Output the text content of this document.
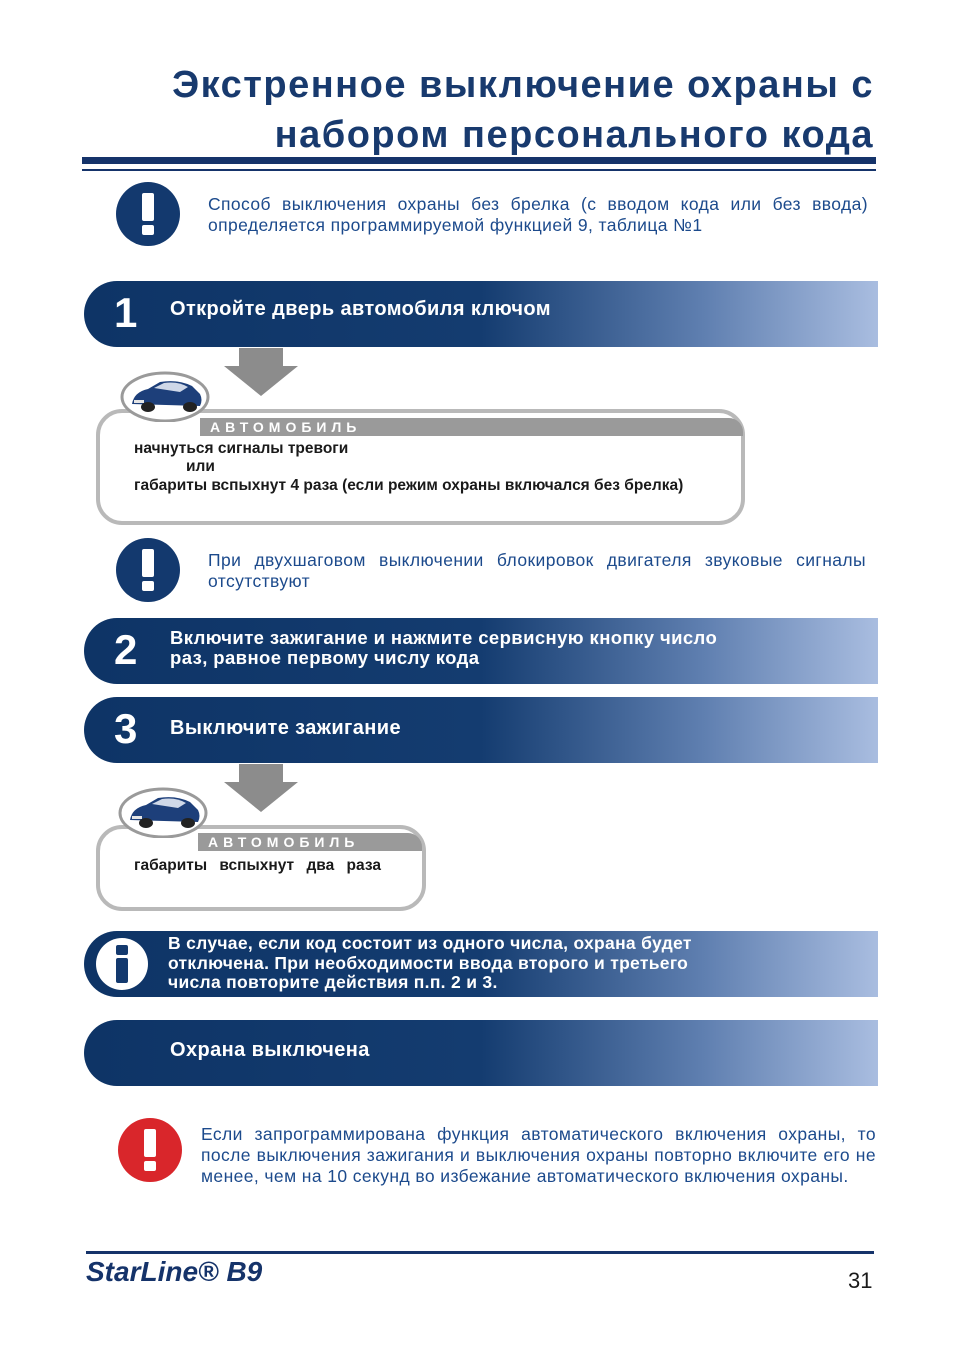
Экстренное выключение охраны с
набором персонального кода
Способ выключения охраны без брелка (с вводом кода или без ввода) определяется программируемой функцией 9, таблица №1
1 Откройте дверь автомобиля ключом
АВТОМОБИЛЬ
начнуться сигналы тревоги
или
габариты вспыхнут 4 раза (если режим охраны включался без брелка)
При двухшаговом выключении блокировок двигателя звуковые сигналы отсутствуют
2 Включите зажигание и нажмите сервисную кнопку число
раз, равное первому числу кода
3 Выключите зажигание
АВТОМОБИЛЬ
габариты вспыхнут два раза
В случае, если код состоит из одного числа, охрана будет
отключена. При необходимости ввода второго и третьего
числа повторите действия п.п. 2 и 3.
Охрана выключена
Если запрограммирована функция автоматического включения охраны, то после выключения зажигания и выключения охраны повторно включите его не менее, чем на 10 секунд во избежание автоматического включения охраны.
StarLine® B9	31
